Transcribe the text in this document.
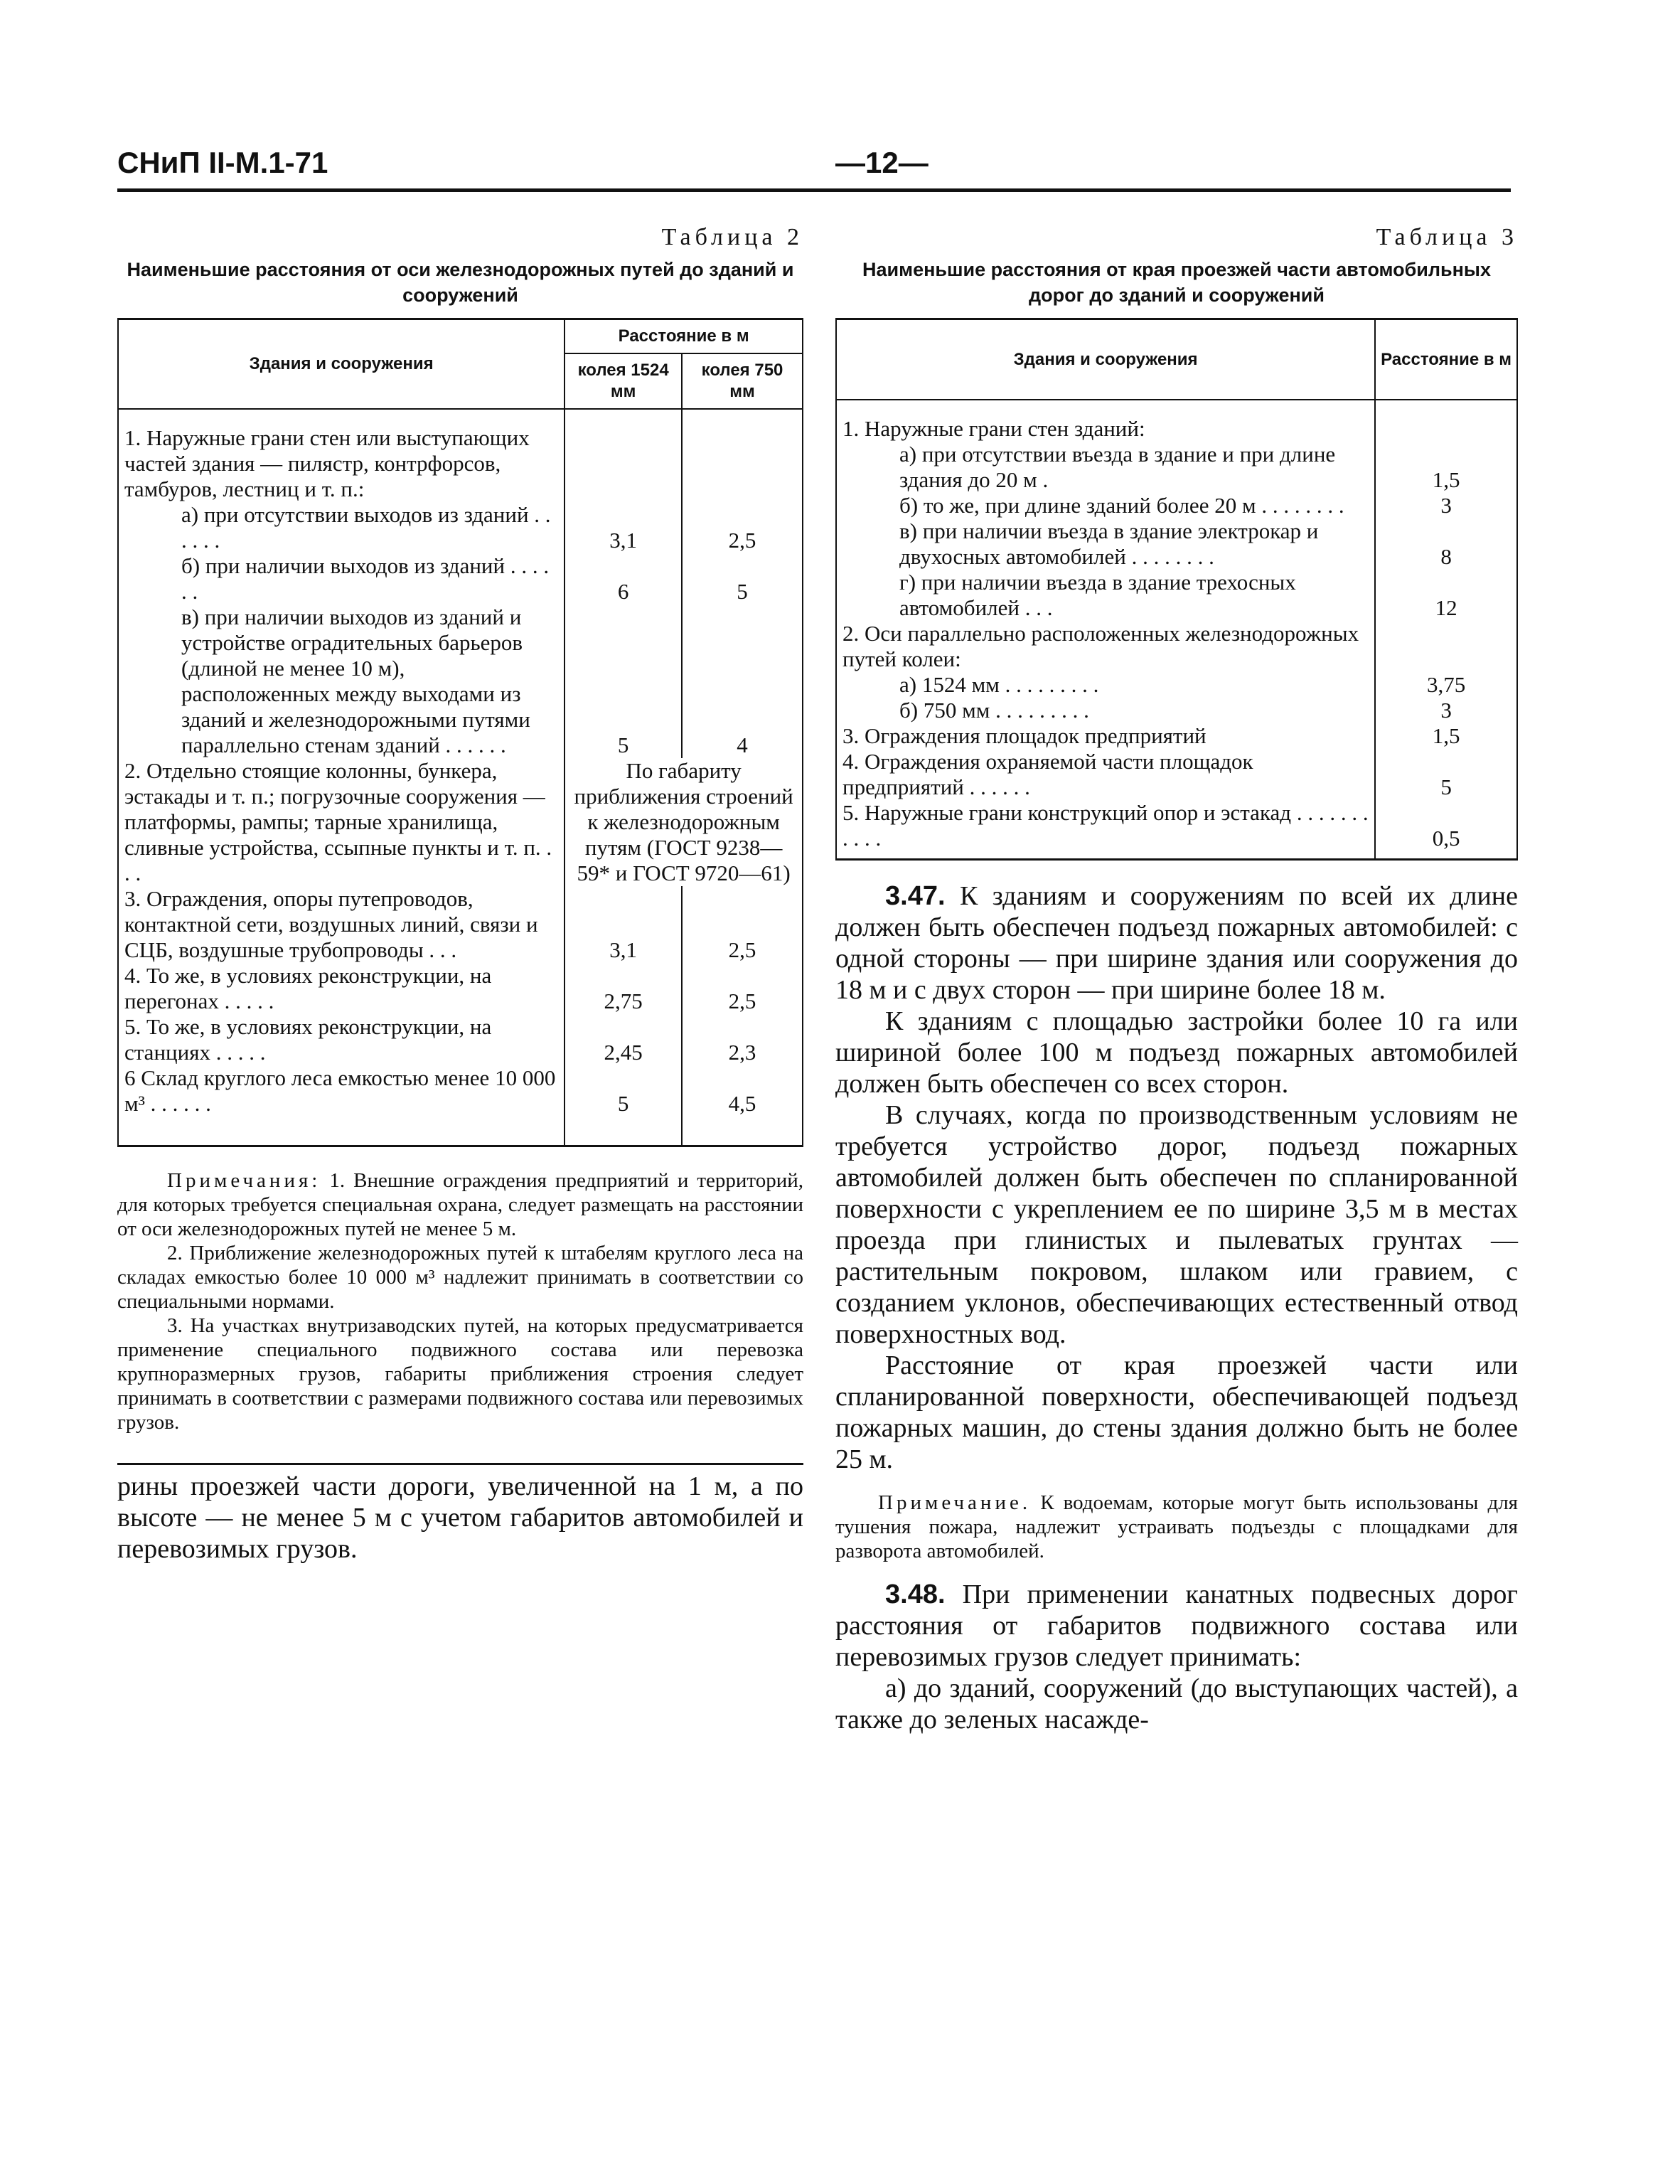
СНиП II-М.1-71	—12—
Таблица 2
Наименьшие расстояния от оси железнодорожных путей до зданий и сооружений
Здания и сооружения	Расстояние в м	
	колея 1524 мм	колея 750 мм

1. Наружные грани стен или выступающих частей здания — пилястр, контрфорсов, тамбуров, лестниц и т. п.:		

а) при отсутствии выходов из зданий . . . . . .	3,1	2,5

б) при наличии выходов из зданий . . . . . .	6	5

в) при наличии выходов из зданий и устройстве оградительных барьеров (длиной не менее 10 м), расположенных между выходами из зданий и железнодорожными путями параллельно стенам зданий . . . . . .	5	4

2. Отдельно стоящие колонны, бункера, эстакады и т. п.; погрузочные сооружения — платформы, рампы; тарные хранилища, сливные устройства, ссыпные пункты и т. п. . . .	По габариту приближения строений к железнодорожным путям (ГОСТ 9238—59* и ГОСТ 9720—61)	

3. Ограждения, опоры путепроводов, контактной сети, воздушных линий, связи и СЦБ, воздушные трубопроводы . . .	3,1	2,5

4. То же, в условиях реконструкции, на перегонах . . . . .	2,75	2,5

5. То же, в условиях реконструкции, на станциях . . . . .	2,45	2,3

6 Склад круглого леса емкостью менее 10 000 м³ . . . . . .	5	4,5

Примечания: 1. Внешние ограждения предприятий и территорий, для которых требуется специальная охрана, следует размещать на расстоянии от оси железнодорожных путей не менее 5 м.

2. Приближение железнодорожных путей к штабелям круглого леса на складах емкостью более 10 000 м³ надлежит принимать в соответствии со специальными нормами.

3. На участках внутризаводских путей, на которых предусматривается применение специального подвижного состава или перевозка крупноразмерных грузов, габариты приближения строения следует принимать в соответствии с размерами подвижного состава или перевозимых грузов.

рины проезжей части дороги, увеличенной на 1 м, а по высоте — не менее 5 м с учетом габаритов автомобилей и перевозимых грузов.

Таблица 3
Наименьшие расстояния от края проезжей части автомобильных дорог до зданий и сооружений
Здания и сооружения	Расстояние в м

1. Наружные грани стен зданий:	

а) при отсутствии въезда в здание и при длине здания до 20 м .	1,5

б) то же, при длине зданий более 20 м . . . . . . . .	3

в) при наличии въезда в здание электрокар и двухосных автомобилей . . . . . . . .	8

г) при наличии въезда в здание трехосных автомобилей . . .	12

2. Оси параллельно расположенных железнодорожных путей колеи:	

а) 1524 мм . . . . . . . . .	3,75

б) 750 мм . . . . . . . . .	3

3. Ограждения площадок предприятий	1,5

4. Ограждения охраняемой части площадок предприятий . . . . . .	5

5. Наружные грани конструкций опор и эстакад . . . . . . . . . . .	0,5

3.47. К зданиям и сооружениям по всей их длине должен быть обеспечен подъезд пожарных автомобилей: с одной стороны — при ширине здания или сооружения до 18 м и с двух сторон — при ширине более 18 м.

К зданиям с площадью застройки более 10 га или шириной более 100 м подъезд пожарных автомобилей должен быть обеспечен со всех сторон.

В случаях, когда по производственным условиям не требуется устройство дорог, подъезд пожарных автомобилей должен быть обеспечен по спланированной поверхности с укреплением ее по ширине 3,5 м в местах проезда при глинистых и пылеватых грунтах — растительным покровом, шлаком или гравием, с созданием уклонов, обеспечивающих естественный отвод поверхностных вод.

Расстояние от края проезжей части или спланированной поверхности, обеспечивающей подъезд пожарных машин, до стены здания должно быть не более 25 м.

Примечание. К водоемам, которые могут быть использованы для тушения пожара, надлежит устраивать подъезды с площадками для разворота автомобилей.

3.48. При применении канатных подвесных дорог расстояния от габаритов подвижного состава или перевозимых грузов следует принимать:

а) до зданий, сооружений (до выступающих частей), а также до зеленых насажде-
